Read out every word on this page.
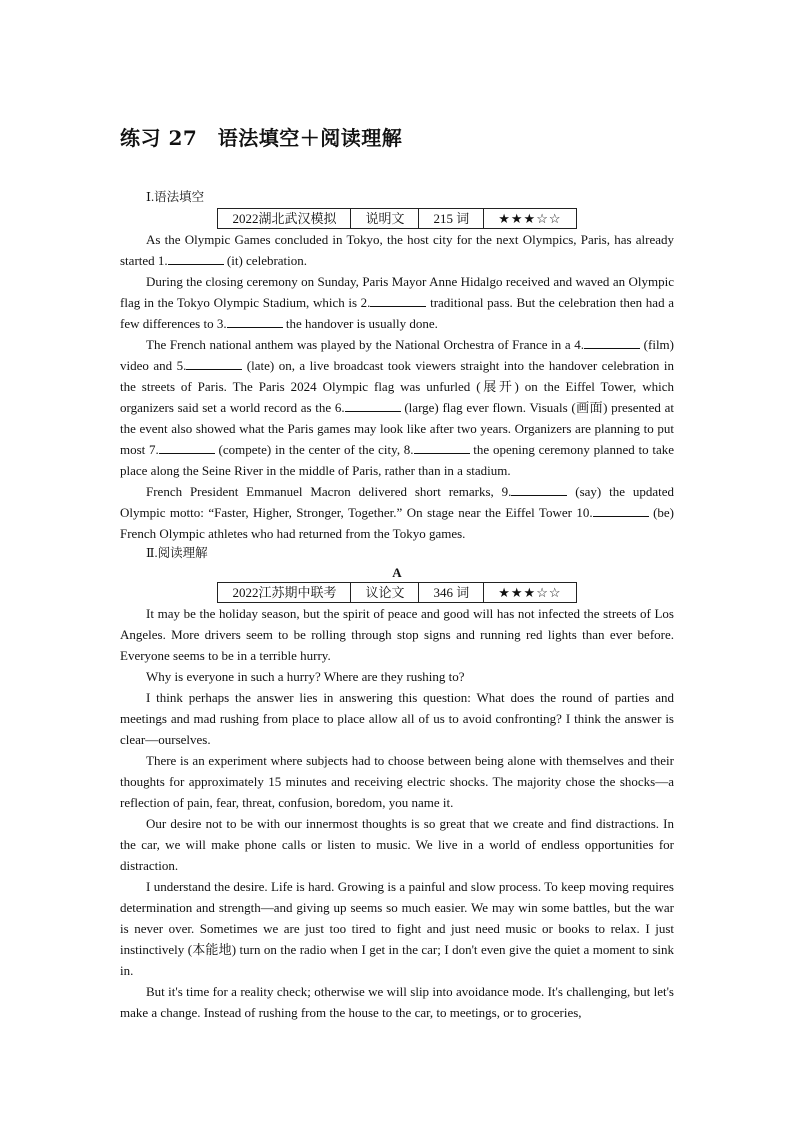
练习 27　语法填空＋阅读理解
Ⅰ.语法填空
2022湖北武汉模拟	说明文	215 词	★★★☆☆

As the Olympic Games concluded in Tokyo, the host city for the next Olympics, Paris, has already started 1.	(it) celebration.

During the closing ceremony on Sunday, Paris Mayor Anne Hidalgo received and waved an Olympic flag in the Tokyo Olympic Stadium, which is 2.	traditional pass. But the celebration then had a few differences to 3.	the handover is usually done.

The French national anthem was played by the National Orchestra of France in a 4.	(film) video and 5.	(late) on, a live broadcast took viewers straight into the handover celebration in the streets of Paris. The Paris 2024 Olympic flag was unfurled (展开) on the Eiffel Tower, which organizers said set a world record as the 6.	(large) flag ever flown. Visuals (画面) presented at the event also showed what the Paris games may look like after two years. Organizers are planning to put most 7.	(compete) in the center of the city, 8.	the opening ceremony planned to take place along the Seine River in the middle of Paris, rather than in a stadium.

French President Emmanuel Macron delivered short remarks, 9.	(say) the updated Olympic motto: “Faster, Higher, Stronger, Together.” On stage near the Eiffel Tower 10.	(be) French Olympic athletes who had returned from the Tokyo games.

Ⅱ.阅读理解
A
2022江苏期中联考	议论文	346 词	★★★☆☆

It may be the holiday season, but the spirit of peace and good will has not infected the streets of Los Angeles. More drivers seem to be rolling through stop signs and running red lights than ever before. Everyone seems to be in a terrible hurry.

Why is everyone in such a hurry? Where are they rushing to?

I think perhaps the answer lies in answering this question: What does the round of parties and meetings and mad rushing from place to place allow all of us to avoid confronting? I think the answer is clear—ourselves.

There is an experiment where subjects had to choose between being alone with themselves and their thoughts for approximately 15 minutes and receiving electric shocks. The majority chose the shocks—a reflection of pain, fear, threat, confusion, boredom, you name it.

Our desire not to be with our innermost thoughts is so great that we create and find distractions. In the car, we will make phone calls or listen to music. We live in a world of endless opportunities for distraction.

I understand the desire. Life is hard. Growing is a painful and slow process. To keep moving requires determination and strength—and giving up seems so much easier. We may win some battles, but the war is never over. Sometimes we are just too tired to fight and just need music or books to relax. I just instinctively (本能地) turn on the radio when I get in the car; I don't even give the quiet a moment to sink in.

But it's time for a reality check; otherwise we will slip into avoidance mode. It's challenging, but let's make a change. Instead of rushing from the house to the car, to meetings, or to groceries,
